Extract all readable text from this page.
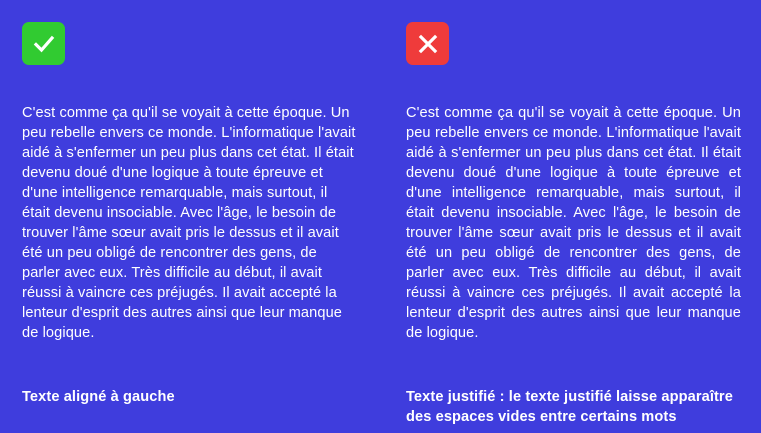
C'est comme ça qu'il se voyait à cette époque. Un peu rebelle envers ce monde. L'informatique l'avait aidé à s'enfermer un peu plus dans cet état. Il était devenu doué d'une logique à toute épreuve et d'une intelligence remarquable, mais surtout, il était devenu insociable. Avec l'âge, le besoin de trouver l'âme sœur avait pris le dessus et il avait été un peu obligé de rencontrer des gens, de parler avec eux. Très difficile au début, il avait réussi à vaincre ces préjugés. Il avait accepté la lenteur d'esprit des autres ainsi que leur manque de logique.

Texte aligné à gauche

C'est comme ça qu'il se voyait à cette époque. Un peu rebelle envers ce monde. L'informatique l'avait aidé à s'enfermer un peu plus dans cet état. Il était devenu doué d'une logique à toute épreuve et d'une intelligence remarquable, mais surtout, il était devenu insociable. Avec l'âge, le besoin de trouver l'âme sœur avait pris le dessus et il avait été un peu obligé de rencontrer des gens, de parler avec eux. Très difficile au début, il avait réussi à vaincre ces préjugés. Il avait accepté la lenteur d'esprit des autres ainsi que leur manque de logique.

Texte justifié : le texte justifié laisse apparaître des espaces vides entre certains mots
